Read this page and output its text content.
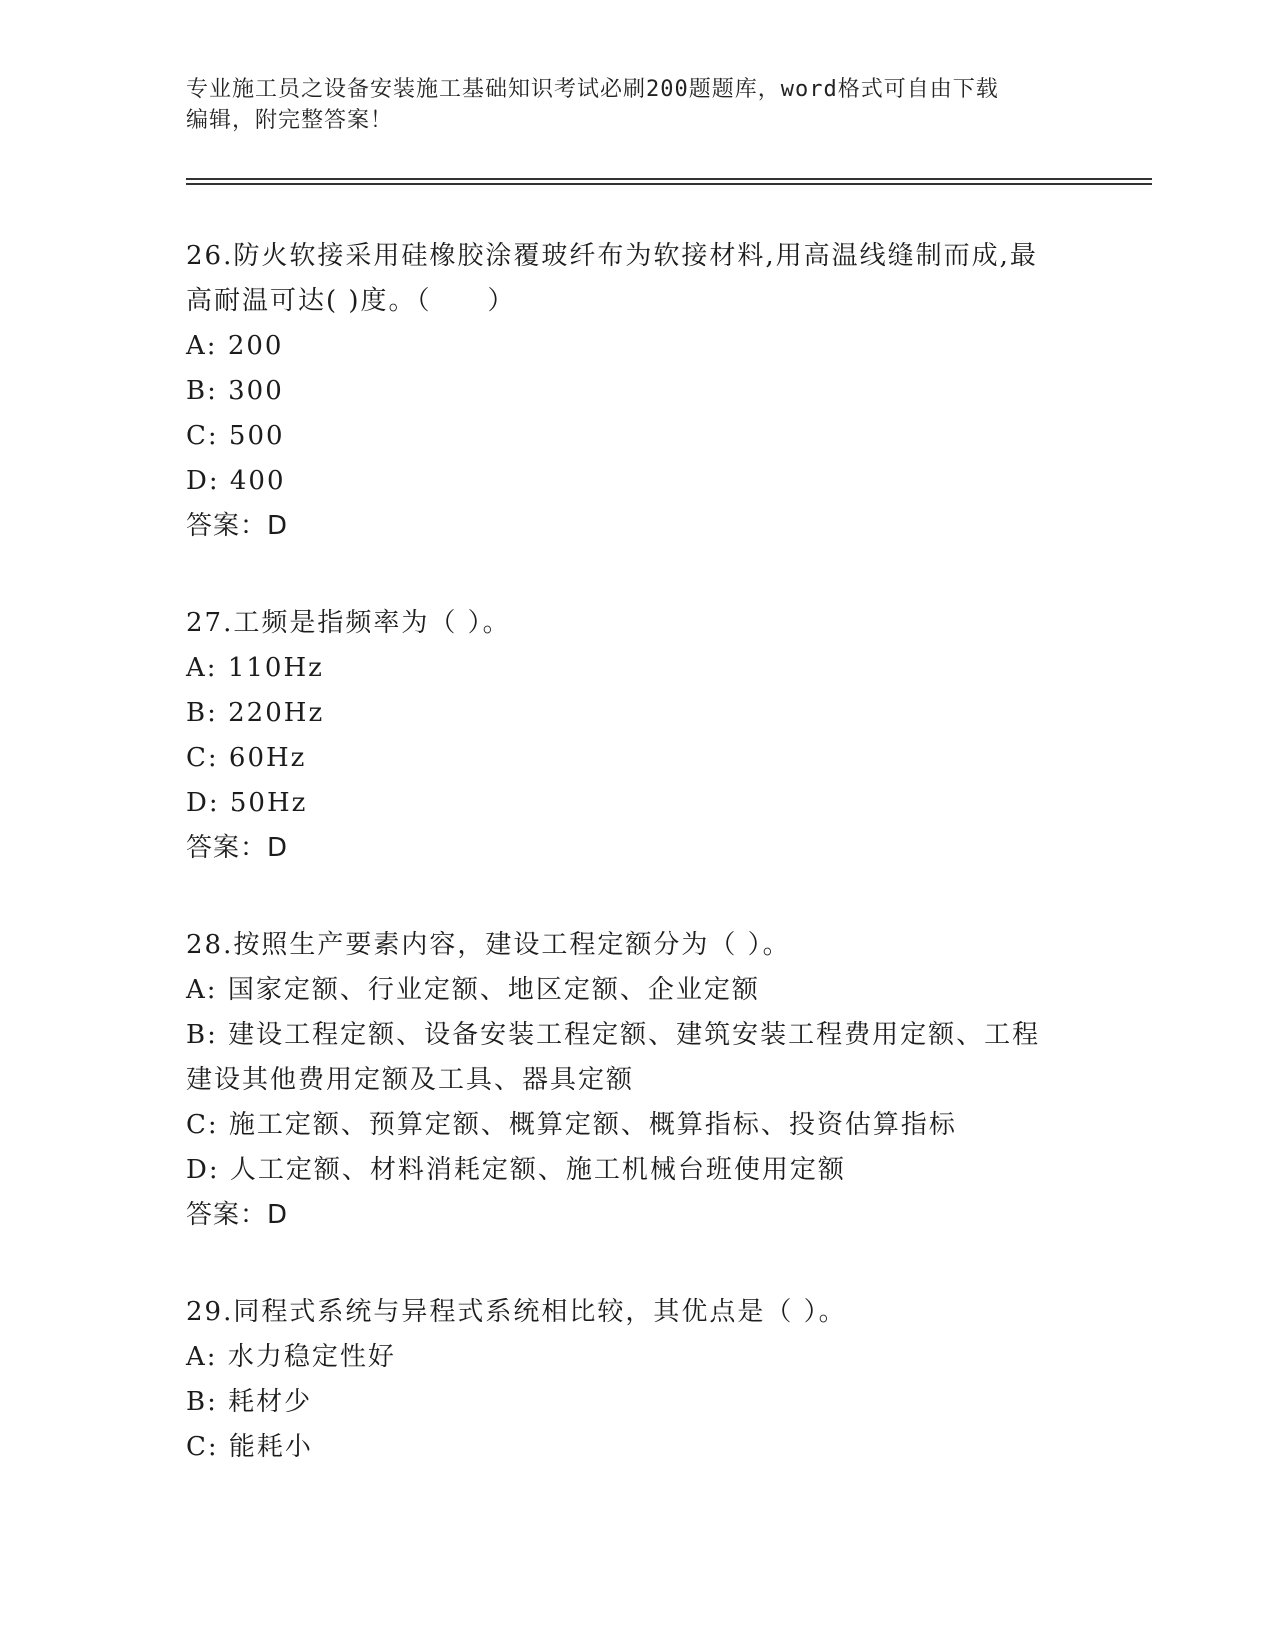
专业施工员之设备安装施工基础知识考试必刷200题题库，word格式可自由下载
编辑，附完整答案！

26.防火软接采用硅橡胶涂覆玻纤布为软接材料,用高温线缝制而成,最

高耐温可达( )度。（　　）

A: 200

B: 300

C: 500

D: 400

答案：D

27.工频是指频率为（ ）。

A: 110Hz

B: 220Hz

C: 60Hz

D: 50Hz

答案：D

28.按照生产要素内容，建设工程定额分为（ ）。

A: 国家定额、行业定额、地区定额、企业定额

B: 建设工程定额、设备安装工程定额、建筑安装工程费用定额、工程

建设其他费用定额及工具、器具定额

C: 施工定额、预算定额、概算定额、概算指标、投资估算指标

D: 人工定额、材料消耗定额、施工机械台班使用定额

答案：D

29.同程式系统与异程式系统相比较，其优点是（ ）。

A: 水力稳定性好

B: 耗材少

C: 能耗小
